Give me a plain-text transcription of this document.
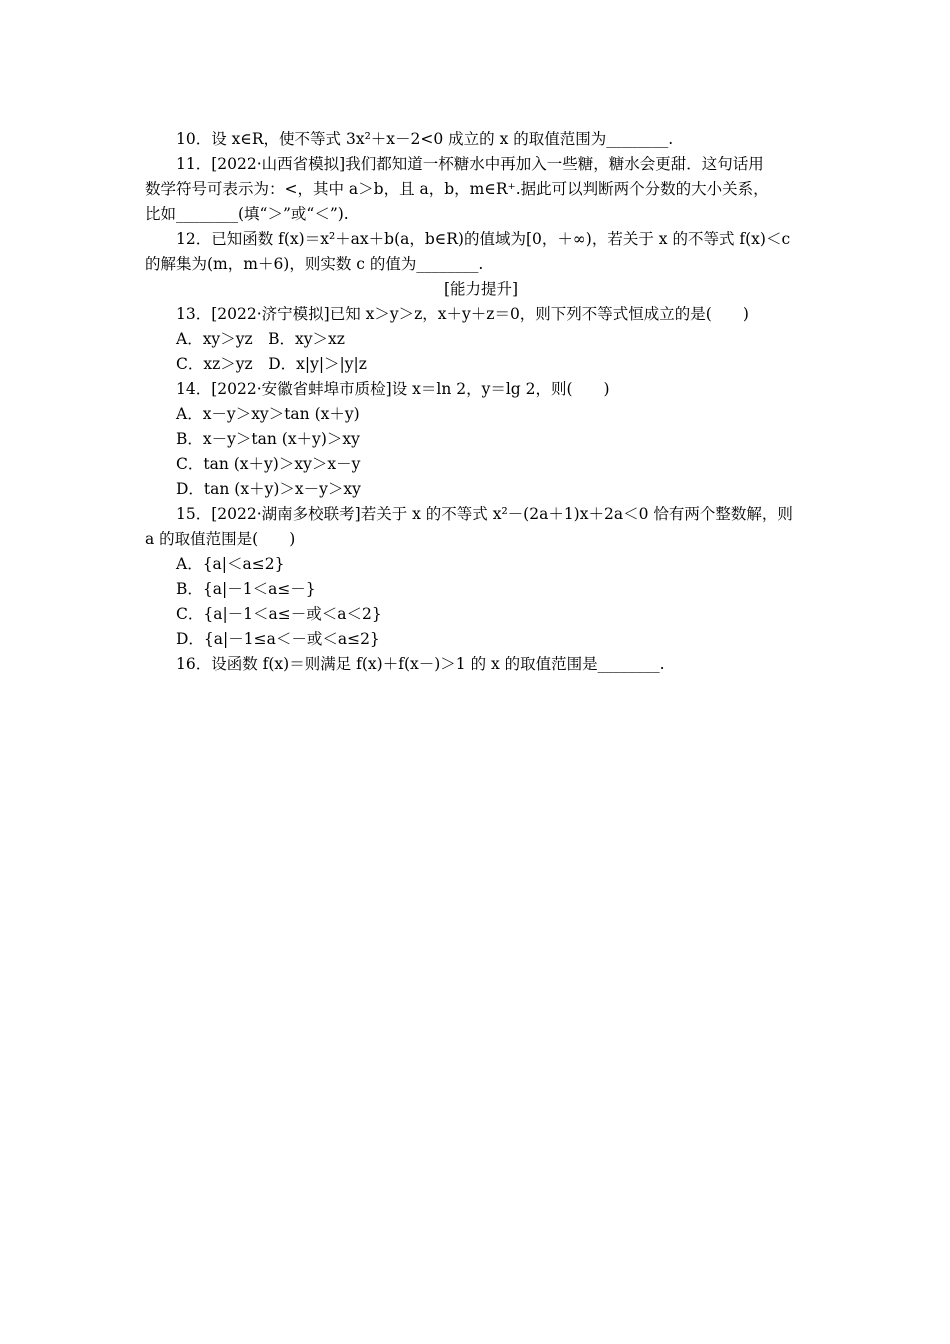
10．设 x∈R，使不等式 3x²＋x－2<0 成立的 x 的取值范围为________.
11．[2022·山西省模拟]我们都知道一杯糖水中再加入一些糖，糖水会更甜．这句话用
数学符号可表示为：<，其中 a＞b，且 a，b，m∈R⁺.据此可以判断两个分数的大小关系，
比如________(填“＞”或“＜”).
12．已知函数 f(x)＝x²＋ax＋b(a，b∈R)的值域为[0，＋∞)，若关于 x 的不等式 f(x)＜c
的解集为(m，m＋6)，则实数 c 的值为________.
[能力提升]
13．[2022·济宁模拟]已知 x＞y＞z，x＋y＋z＝0，则下列不等式恒成立的是(　　)
A．xy＞yz　B．xy＞xz
C．xz＞yz　D．x|y|＞|y|z
14．[2022·安徽省蚌埠市质检]设 x＝ln 2，y＝lg 2，则(　　)
A．x－y＞xy＞tan (x＋y)
B．x－y＞tan (x＋y)＞xy
C．tan (x＋y)＞xy＞x－y
D．tan (x＋y)＞x－y＞xy
15．[2022·湖南多校联考]若关于 x 的不等式 x²－(2a＋1)x＋2a＜0 恰有两个整数解，则
a 的取值范围是(　　)
A．{a|＜a≤2}
B．{a|－1＜a≤－}
C．{a|－1＜a≤－或＜a＜2}
D．{a|－1≤a＜－或＜a≤2}
16．设函数 f(x)＝则满足 f(x)＋f(x－)＞1 的 x 的取值范围是________.
